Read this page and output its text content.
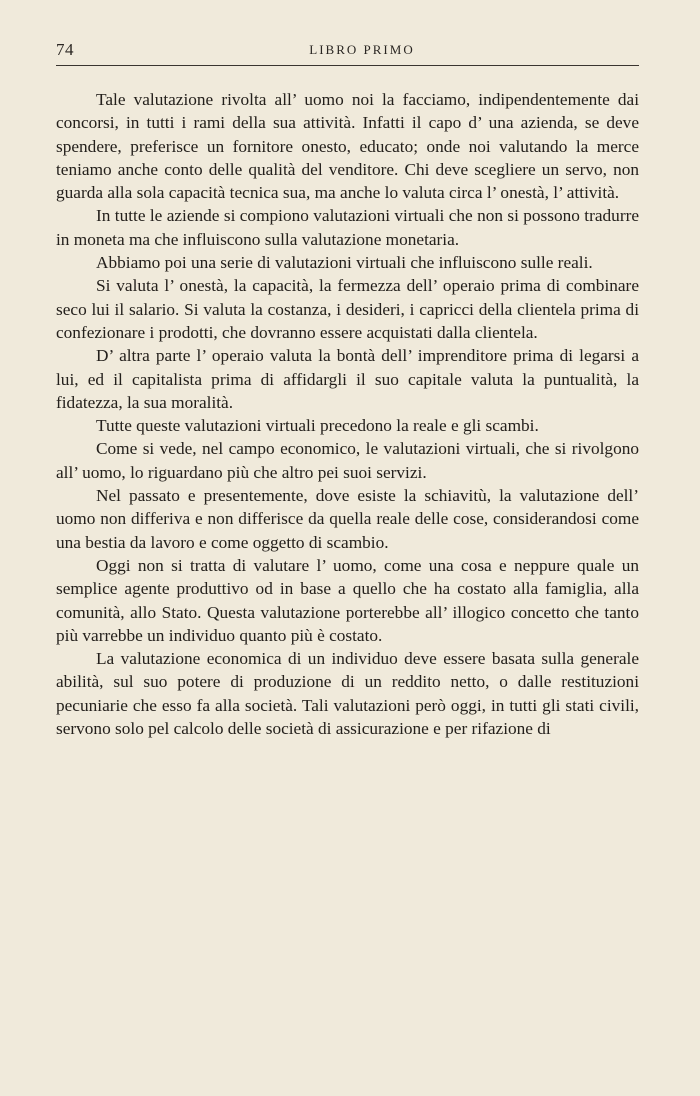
74	LIBRO PRIMO

Tale valutazione rivolta all’ uomo noi la facciamo, indipendentemente dai concorsi, in tutti i rami della sua attività. Infatti il capo d’ una azienda, se deve spendere, preferisce un fornitore onesto, educato; onde noi valutando la merce teniamo anche conto delle qualità del venditore. Chi deve scegliere un servo, non guarda alla sola capacità tecnica sua, ma anche lo valuta circa l’ onestà, l’ attività.

In tutte le aziende si compiono valutazioni virtuali che non si possono tradurre in moneta ma che influiscono sulla valutazione monetaria.

Abbiamo poi una serie di valutazioni virtuali che influiscono sulle reali.

Si valuta l’ onestà, la capacità, la fermezza dell’ operaio prima di combinare seco lui il salario. Si valuta la costanza, i desideri, i capricci della clientela prima di confezionare i prodotti, che dovranno essere acquistati dalla clientela.

D’ altra parte l’ operaio valuta la bontà dell’ imprenditore prima di legarsi a lui, ed il capitalista prima di affidargli il suo capitale valuta la puntualità, la fidatezza, la sua moralità.

Tutte queste valutazioni virtuali precedono la reale e gli scambi.

Come si vede, nel campo economico, le valutazioni virtuali, che si rivolgono all’ uomo, lo riguardano più che altro pei suoi servizi.

Nel passato e presentemente, dove esiste la schiavitù, la valutazione dell’ uomo non differiva e non differisce da quella reale delle cose, considerandosi come una bestia da lavoro e come oggetto di scambio.

Oggi non si tratta di valutare l’ uomo, come una cosa e neppure quale un semplice agente produttivo od in base a quello che ha costato alla famiglia, alla comunità, allo Stato. Questa valutazione porterebbe all’ illogico concetto che tanto più varrebbe un individuo quanto più è costato.

La valutazione economica di un individuo deve essere basata sulla generale abilità, sul suo potere di produzione di un reddito netto, o dalle restituzioni pecuniarie che esso fa alla società. Tali valutazioni però oggi, in tutti gli stati civili, servono solo pel calcolo delle società di assicurazione e per rifazione di
